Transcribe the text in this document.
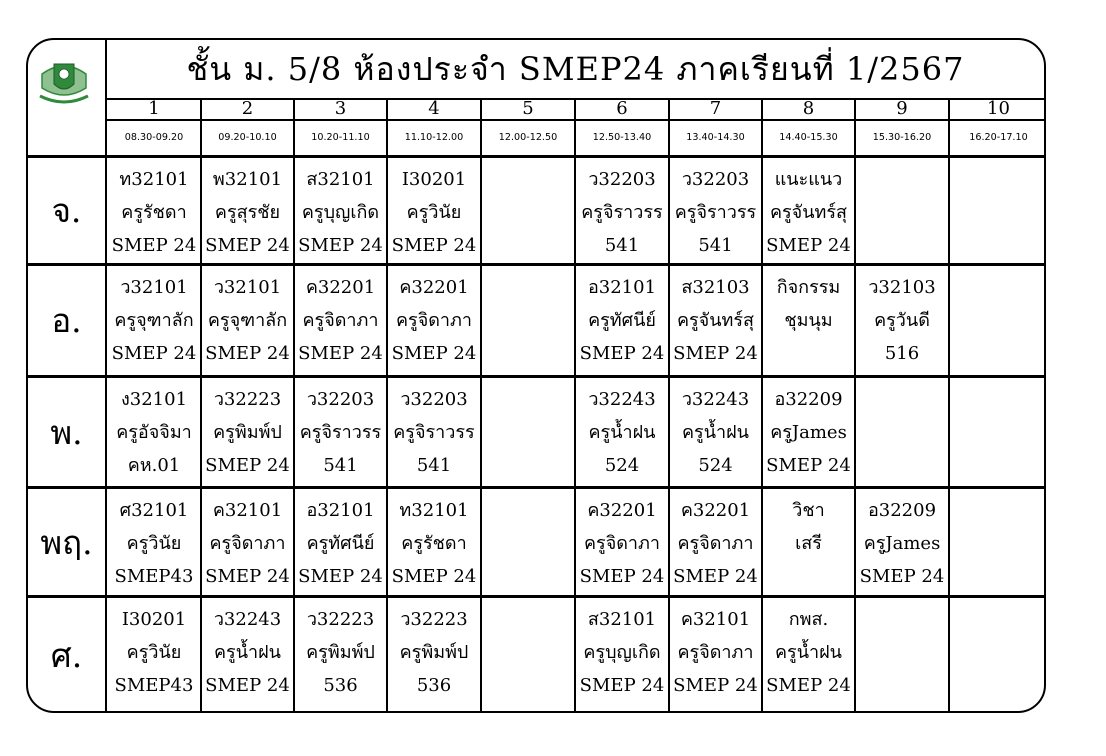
ชั้น ม. 5/8 ห้องประจำ SMEP24 ภาคเรียนที่ 1/2567
1
08.30-09.20
2
09.20-10.10
3
10.20-11.10
4
11.10-12.00
5
12.00-12.50
6
12.50-13.40
7
13.40-14.30
8
14.40-15.30
9
15.30-16.20
10
16.20-17.10
จ.
ท32101
ครูรัชดา
SMEP 24
พ32101
ครูสุรชัย
SMEP 24
ส32101
ครูบุญเกิด
SMEP 24
I30201
ครูวินัย
SMEP 24
ว32203
ครูจิราวรร
541
ว32203
ครูจิราวรร
541
แนะแนว
ครูจันทร์สุ
SMEP 24
อ.
ว32101
ครูจุฑาลัก
SMEP 24
ว32101
ครูจุฑาลัก
SMEP 24
ค32201
ครูจิดาภา
SMEP 24
ค32201
ครูจิดาภา
SMEP 24
อ32101
ครูทัศนีย์
SMEP 24
ส32103
ครูจันทร์สุ
SMEP 24
กิจกรรม
ชุมนุม
ว32103
ครูวันดี
516
พ.
ง32101
ครูอัจจิมา
คห.01
ว32223
ครูพิมพ์ป
SMEP 24
ว32203
ครูจิราวรร
541
ว32203
ครูจิราวรร
541
ว32243
ครูน้ำฝน
524
ว32243
ครูน้ำฝน
524
อ32209
ครูJames
SMEP 24
พฤ.
ศ32101
ครูวินัย
SMEP43
ค32101
ครูจิดาภา
SMEP 24
อ32101
ครูทัศนีย์
SMEP 24
ท32101
ครูรัชดา
SMEP 24
ค32201
ครูจิดาภา
SMEP 24
ค32201
ครูจิดาภา
SMEP 24
วิชา
เสรี
อ32209
ครูJames
SMEP 24
ศ.
I30201
ครูวินัย
SMEP43
ว32243
ครูน้ำฝน
SMEP 24
ว32223
ครูพิมพ์ป
536
ว32223
ครูพิมพ์ป
536
ส32101
ครูบุญเกิด
SMEP 24
ค32101
ครูจิดาภา
SMEP 24
กพส.
ครูน้ำฝน
SMEP 24
